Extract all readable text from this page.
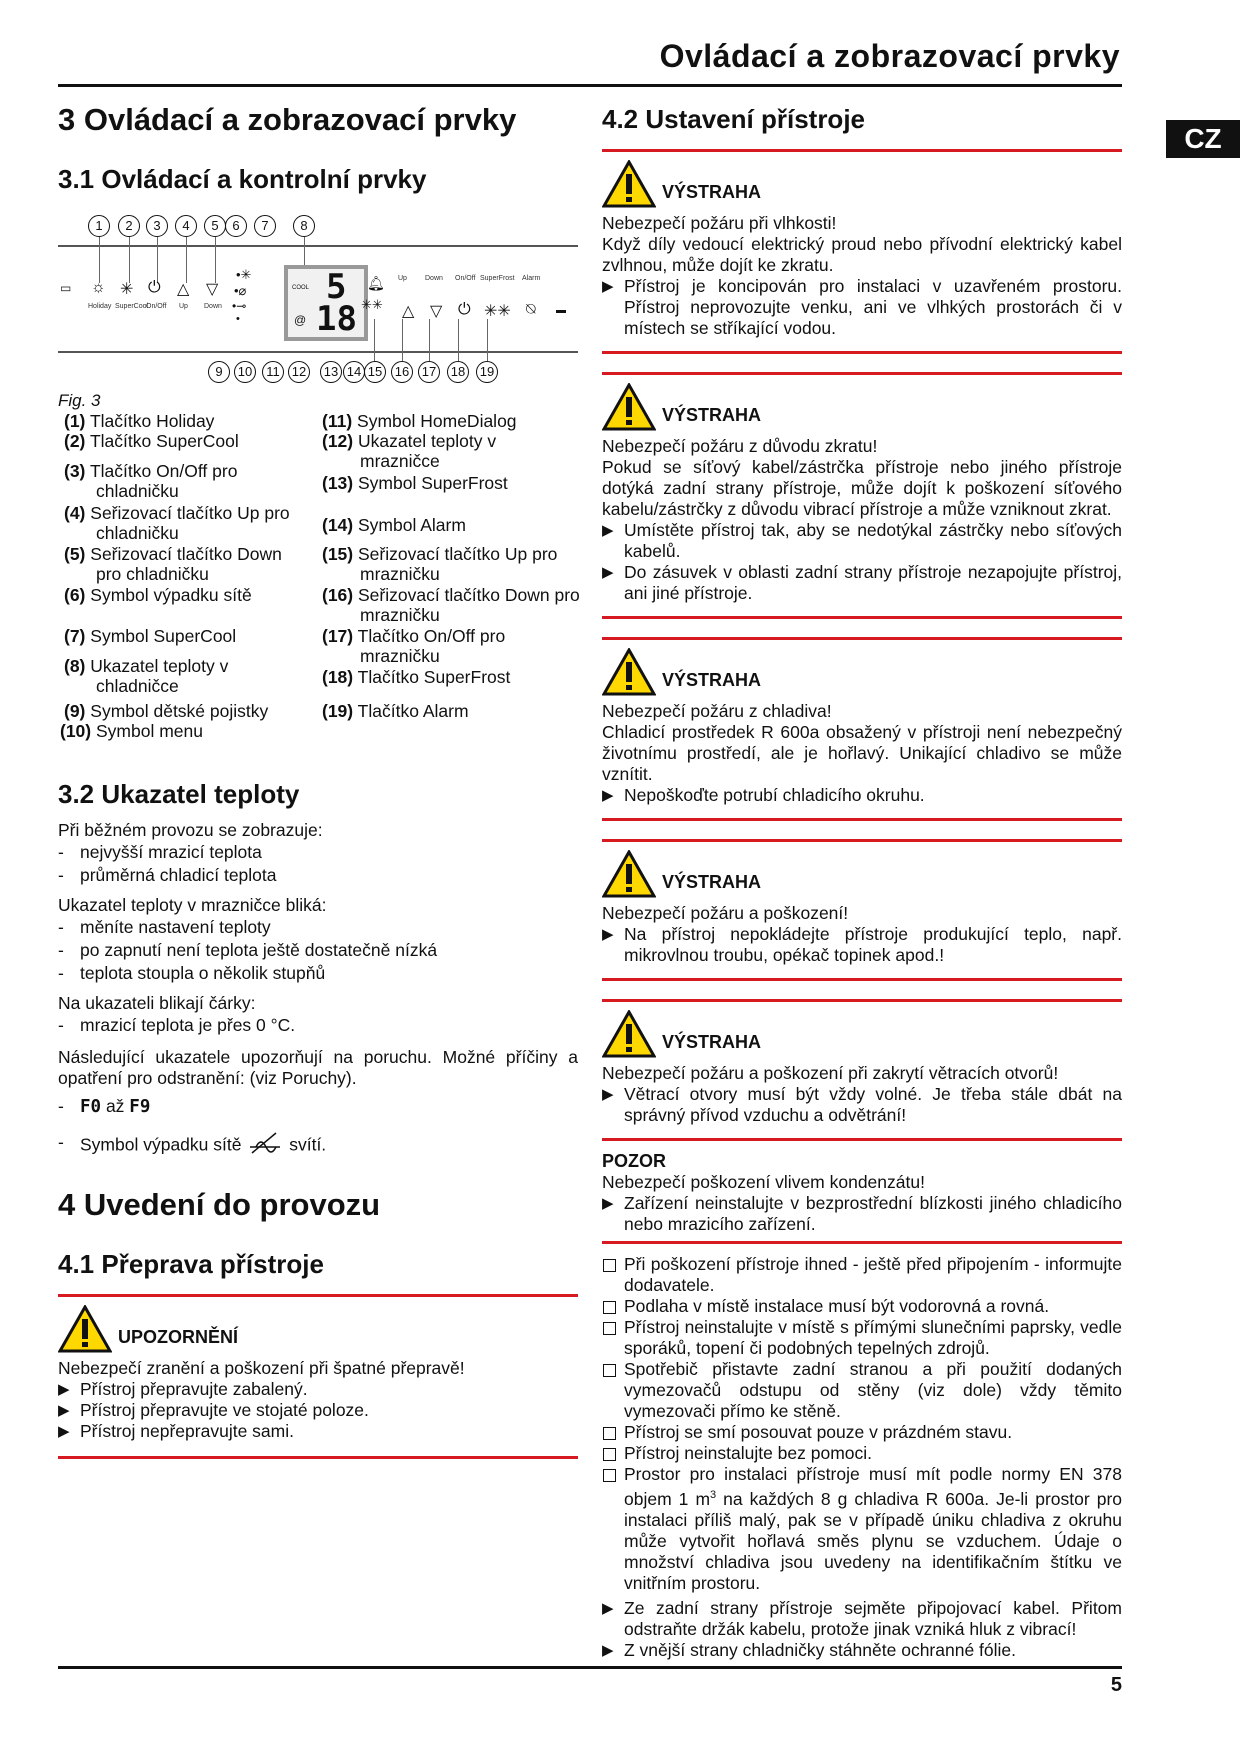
Ovládací a zobrazovací prvky
CZ
5
3 Ovládací a zobrazovací prvky
3.1 Ovládací a kontrolní prvky
1	2	3	4	5	6	7	8
9	10	11 12 13 14 15 16 17 18 19
▭ ☼ ✳ ⏻ △ ▽
Holiday SuperCool
On/Off Up Down
•✳
•⌀
•⊸
•
COOL 5
18
@
🔔︎
✳✳
Up	Down On/Off SuperFrost Alarm
△ ▽ ⏻ ✳✳ ⍉ ▬
Fig. 3
(1) Tlačítko Holiday
(2) Tlačítko SuperCool
(3) Tlačítko On/Off pro chladničku
(4) Seřizovací tlačítko Up pro chladničku
(5) Seřizovací tlačítko Down pro chladničku
(6) Symbol výpadku sítě
(7) Symbol SuperCool
(8) Ukazatel teploty v chladničce
(9) Symbol dětské pojistky
(10) Symbol menu
(11) Symbol HomeDialog
(12) Ukazatel teploty v mrazničce
(13) Symbol SuperFrost
(14) Symbol Alarm
(15) Seřizovací tlačítko Up pro mrazničku
(16) Seřizovací tlačítko Down pro mrazničku
(17) Tlačítko On/Off pro mrazničku
(18) Tlačítko SuperFrost
(19) Tlačítko Alarm
3.2 Ukazatel teploty

Při běžném provozu se zobrazuje:

- nejvyšší mrazicí teplota
- průměrná chladicí teplota

Ukazatel teploty v mrazničce bliká:

- měníte nastavení teploty
- po zapnutí není teplota ještě dostatečně nízká
- teplota stoupla o několik stupňů

Na ukazateli blikají čárky:

- mrazicí teplota je přes 0 °C.

Následující ukazatele upozorňují na poruchu. Možné příčiny a opatření pro odstranění: (viz Poruchy).

- F0 až F9
- Symbol výpadku sítě	svítí.
4 Uvedení do provozu
4.1 Přeprava přístroje
UPOZORNĚNÍ

Nebezpečí zranění a poškození při špatné přepravě!

▶ Přístroj přepravujte zabalený.
▶ Přístroj přepravujte ve stojaté poloze.
▶ Přístroj nepřepravujte sami.
4.2 Ustavení přístroje
VÝSTRAHA

Nebezpečí požáru při vlhkosti!

Když díly vedoucí elektrický proud nebo přívodní elektrický kabel zvlhnou, může dojít ke zkratu.

▶ Přístroj je koncipován pro instalaci v uzavřeném prostoru. Přístroj neprovozujte venku, ani ve vlhkých prostorách či v místech se stříkající vodou.
VÝSTRAHA

Nebezpečí požáru z důvodu zkratu!

Pokud se síťový kabel/zástrčka přístroje nebo jiného přístroje dotýká zadní strany přístroje, může dojít k poškození síťového kabelu/zástrčky z důvodu vibrací přístroje a může vzniknout zkrat.

▶ Umístěte přístroj tak, aby se nedotýkal zástrčky nebo síťových kabelů.
▶ Do zásuvek v oblasti zadní strany přístroje nezapojujte přístroj, ani jiné přístroje.
VÝSTRAHA

Nebezpečí požáru z chladiva!

Chladicí prostředek R 600a obsažený v přístroji není nebezpečný životnímu prostředí, ale je hořlavý. Unikající chladivo se může vznítit.

▶ Nepoškoďte potrubí chladicího okruhu.
VÝSTRAHA

Nebezpečí požáru a poškození!

▶ Na přístroj nepokládejte přístroje produkující teplo, např. mikrovlnou troubu, opékač topinek apod.!
VÝSTRAHA

Nebezpečí požáru a poškození při zakrytí větracích otvorů!

▶ Větrací otvory musí být vždy volné. Je třeba stále dbát na správný přívod vzduchu a odvětrání!
POZOR

Nebezpečí poškození vlivem kondenzátu!

▶ Zařízení neinstalujte v bezprostřední blízkosti jiného chladicího nebo mrazicího zařízení.
Při poškození přístroje ihned - ještě před připojením - informujte dodavatele.
Podlaha v místě instalace musí být vodorovná a rovná.
Přístroj neinstalujte v místě s přímými slunečními paprsky, vedle sporáků, topení či podobných tepelných zdrojů.
Spotřebič přistavte zadní stranou a při použití dodaných vymezovačů odstupu od stěny (viz dole) vždy těmito vymezovači přímo ke stěně.
Přístroj se smí posouvat pouze v prázdném stavu.
Přístroj neinstalujte bez pomoci.
Prostor pro instalaci přístroje musí mít podle normy EN 378 objem 1 $m^3$ na každých 8 g chladiva R 600a. Je-li prostor pro instalaci příliš malý, pak se v případě úniku chladiva z okruhu může vytvořit hořlavá směs plynu se vzduchem. Údaje o množství chladiva jsou uvedeny na identifikačním štítku ve vnitřním prostoru.
▶ Ze zadní strany přístroje sejměte připojovací kabel. Přitom odstraňte držák kabelu, protože jinak vzniká hluk z vibrací!
▶ Z vnější strany chladničky stáhněte ochranné fólie.
